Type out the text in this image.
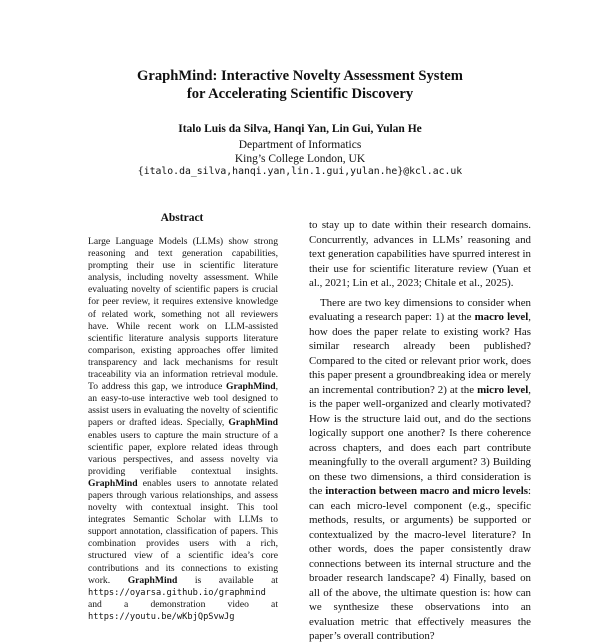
GraphMind: Interactive Novelty Assessment System
for Accelerating Scientific Discovery
Italo Luis da Silva, Hanqi Yan, Lin Gui, Yulan He
Department of Informatics
King’s College London, UK
{italo.da_silva,hanqi.yan,lin.1.gui,yulan.he}@kcl.ac.uk
Abstract

Large Language Models (LLMs) show strong reasoning and text generation capabilities, prompting their use in scientific literature analysis, including novelty assessment. While evaluating novelty of scientific papers is crucial for peer review, it requires extensive knowledge of related work, something not all reviewers have. While recent work on LLM-assisted scientific literature analysis supports literature comparison, existing approaches offer limited transparency and lack mechanisms for result traceability via an information retrieval module. To address this gap, we introduce GraphMind, an easy-to-use interactive web tool designed to assist users in evaluating the novelty of scientific papers or drafted ideas. Specially, GraphMind enables users to capture the main structure of a scientific paper, explore related ideas through various perspectives, and assess novelty via providing verifiable contextual insights. GraphMind enables users to annotate related papers through various relationships, and assess novelty with contextual insight. This tool integrates Semantic Scholar with LLMs to support annotation, classification of papers. This combination provides users with a rich, structured view of a scientific idea’s core contributions and its connections to existing work. GraphMind is available at https://oyarsa.github.io/graphmind and a demonstration video at https://youtu.be/wKbjQpSvwJg

to stay up to date within their research domains. Concurrently, advances in LLMs’ reasoning and text generation capabilities have spurred interest in their use for scientific literature review (Yuan et al., 2021; Lin et al., 2023; Chitale et al., 2025).

There are two key dimensions to consider when evaluating a research paper: 1) at the macro level, how does the paper relate to existing work? Has similar research already been published? Compared to the cited or relevant prior work, does this paper present a groundbreaking idea or merely an incremental contribution? 2) at the micro level, is the paper well-organized and clearly motivated? How is the structure laid out, and do the sections logically support one another? Is there coherence across chapters, and does each part contribute meaningfully to the overall argument? 3) Building on these two dimensions, a third consideration is the interaction between macro and micro levels: can each micro-level component (e.g., specific methods, results, or arguments) be supported or contextualized by the macro-level literature? In other words, does the paper consistently draw connections between its internal structure and the broader research landscape? 4) Finally, based on all of the above, the ultimate question is: how can we synthesize these observations into an evaluation metric that effectively measures the paper’s overall contribution?
